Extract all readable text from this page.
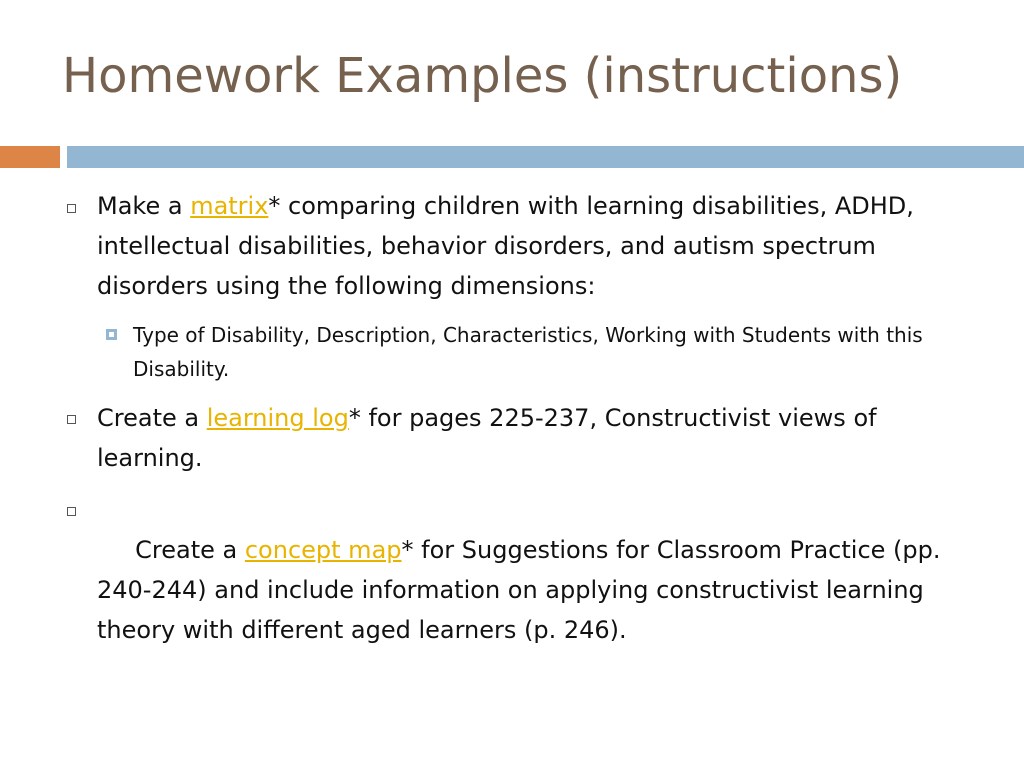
Homework Examples (instructions)
Make a matrix* comparing children with learning disabilities, ADHD, intellectual disabilities, behavior disorders, and autism spectrum disorders using the following dimensions:
Type of Disability, Description, Characteristics, Working with Students with this Disability.
Create a learning log* for pages 225-237, Constructivist views of learning.

Create a concept map* for Suggestions for Classroom Practice (pp. 240-244) and include information on applying constructivist learning theory with different aged learners (p. 246).
